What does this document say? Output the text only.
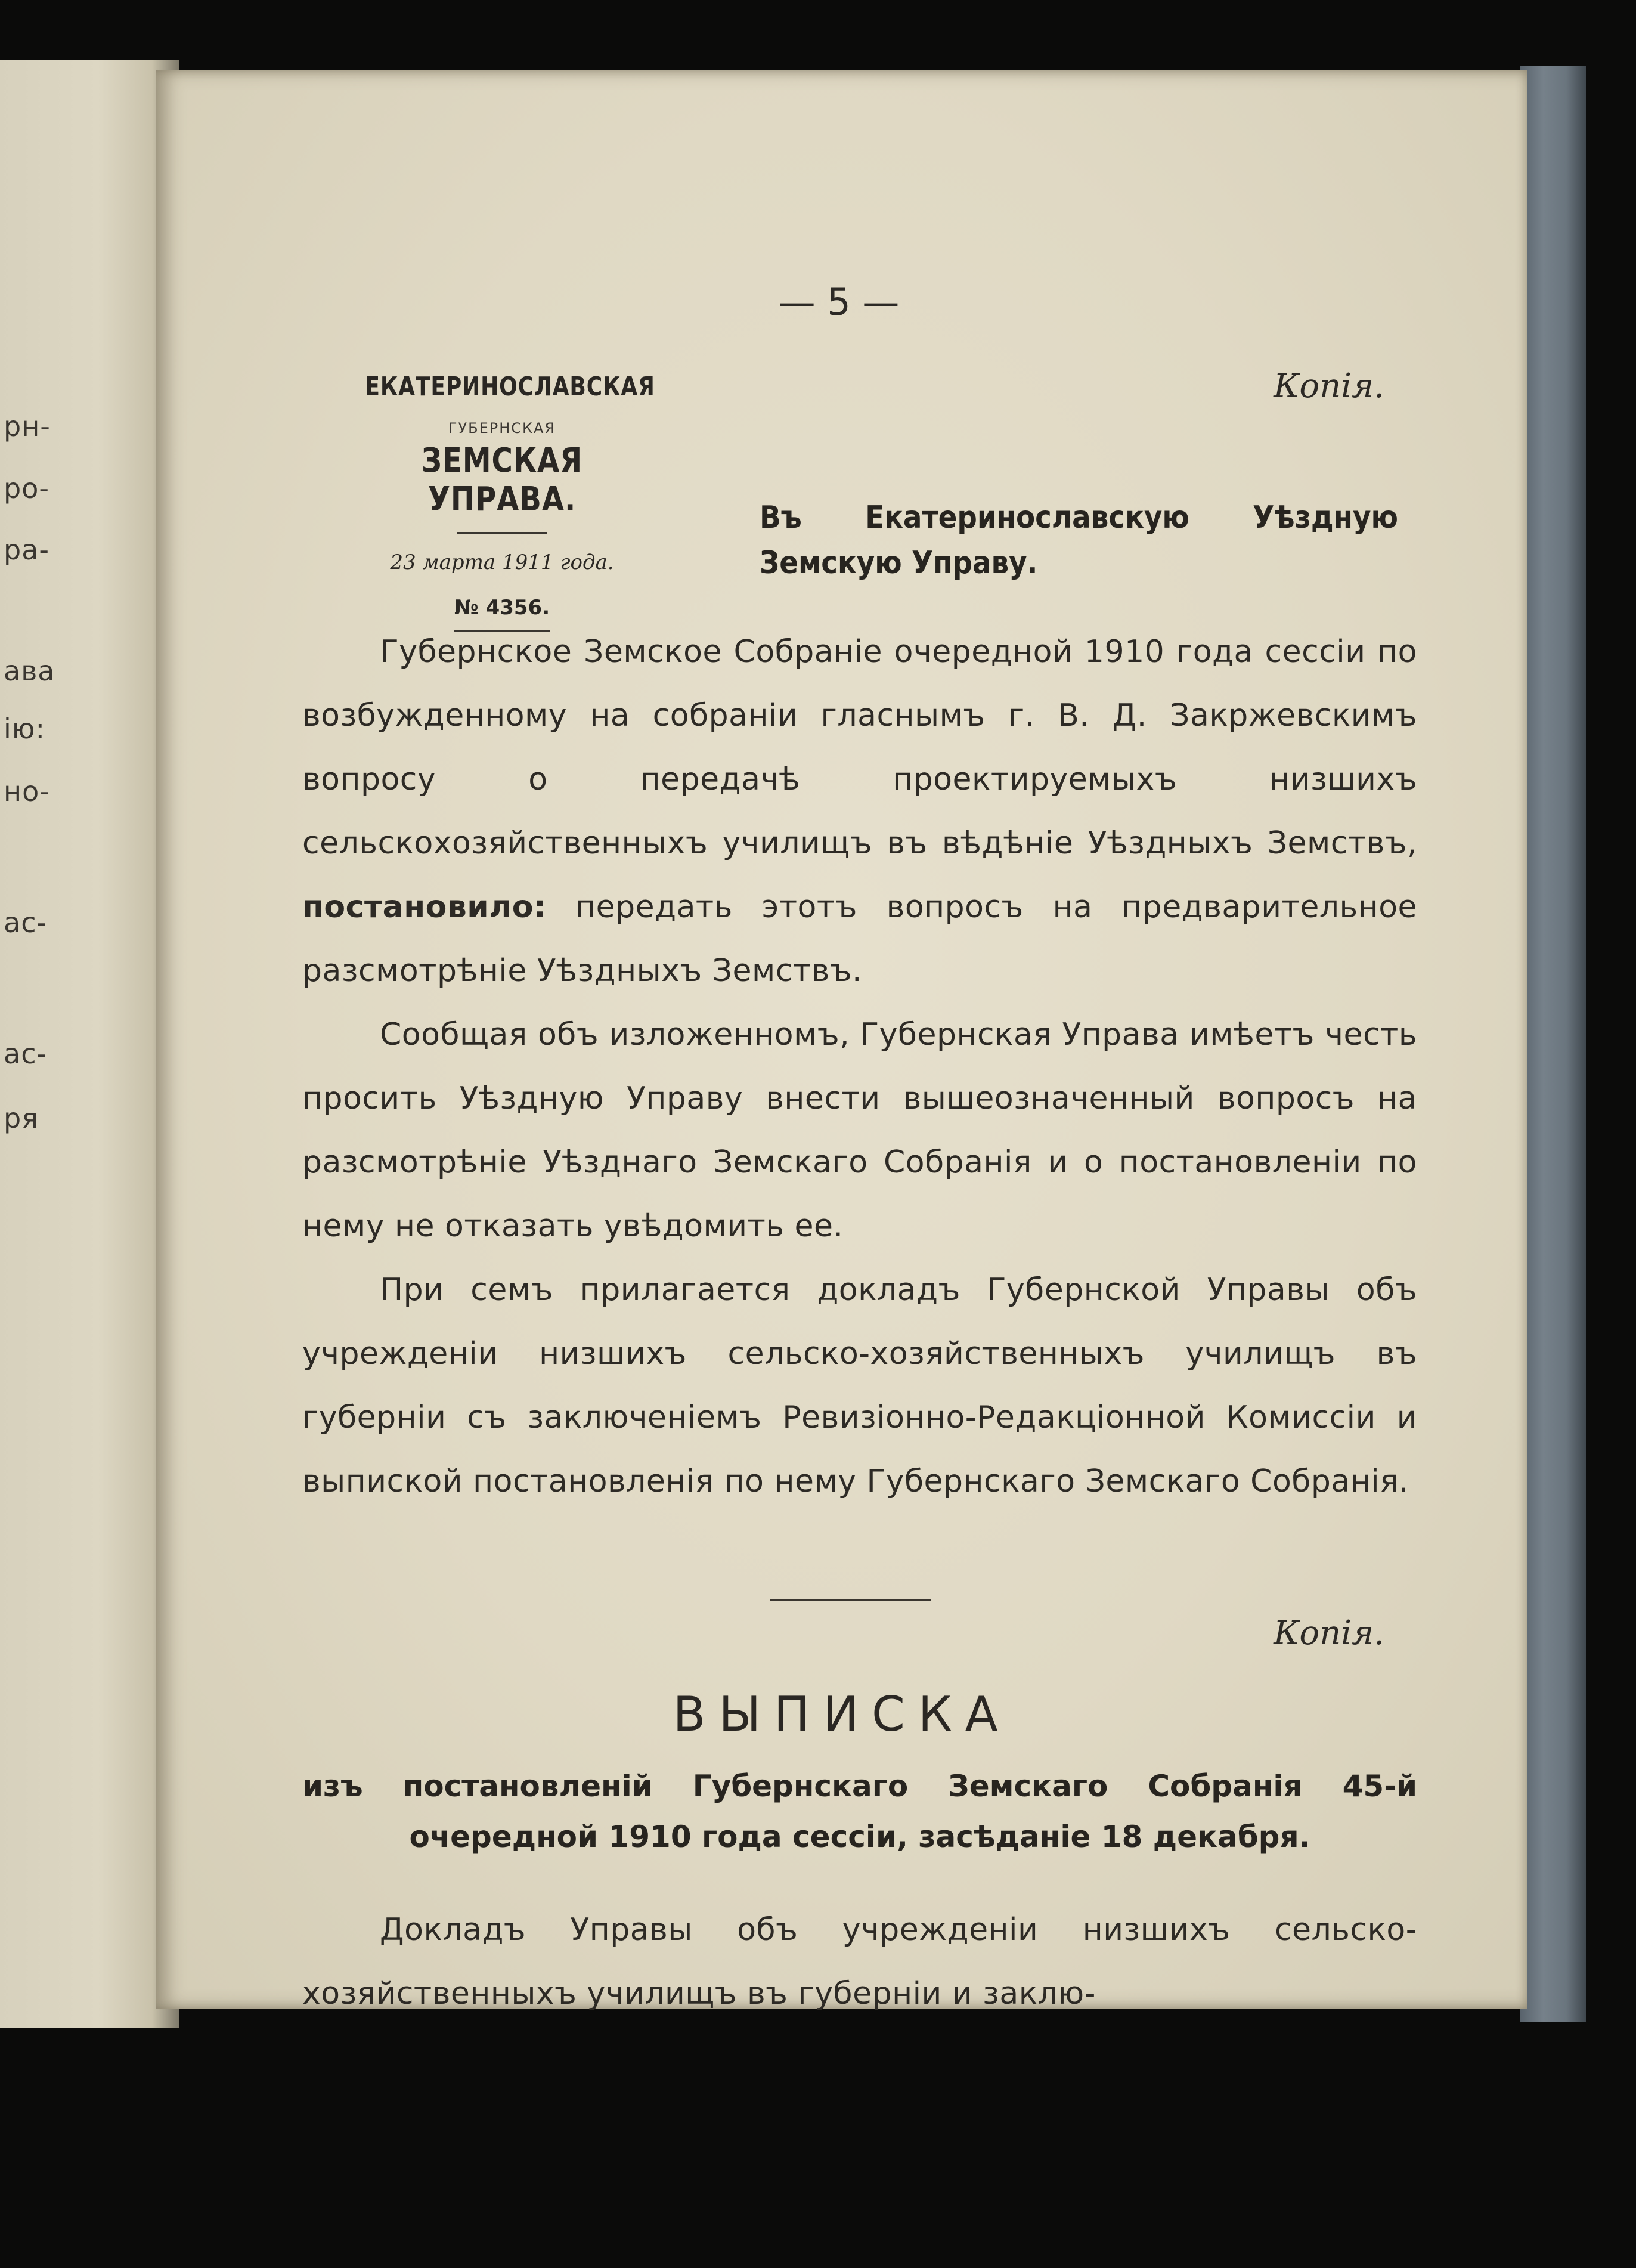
рн-
ро-
ра-
ава
iю:
но-
ас-
ас-
ря
— 5 —
ЕКАТЕРИНОСЛАВСКАЯ
ГУБЕРНСКАЯ
ЗЕМСКАЯ УПРАВА.
23 марта 1911 года.
№ 4356.
Копія.
Въ Екатеринославскую Уѣздную
Земскую Управу.

Губернское Земское Собраніе очередной 1910 года сессіи по возбужденному на собраніи гласнымъ г. В. Д. Закржевскимъ вопросу о передачѣ проектируемыхъ низшихъ сельскохозяйственныхъ училищъ въ вѣдѣніе Уѣздныхъ Земствъ, постановило: передать этотъ вопросъ на предварительное разсмотрѣніе Уѣздныхъ Земствъ.

Сообщая объ изложенномъ, Губернская Управа имѣетъ честь просить Уѣздную Управу внести вышеозначенный вопросъ на разсмотрѣніе Уѣзднаго Земскаго Собранія и о постановленіи по нему не отказать увѣдомить ее.

При семъ прилагается докладъ Губернской Управы объ учрежденіи низшихъ сельско-хозяйственныхъ училищъ въ губерніи съ заключеніемъ Ревизіонно-Редакціонной Комиссіи и выпиской постановленія по нему Губернскаго Земскаго Собранія.

Копія.
ВЫПИСКА
изъ постановленій Губернскаго Земскаго Собранія 45-й
очередной 1910 года сессіи, засѣданіе 18 декабря.

Докладъ Управы объ учрежденіи низшихъ сельско-хозяйственныхъ училищъ въ губерніи и заклю-
